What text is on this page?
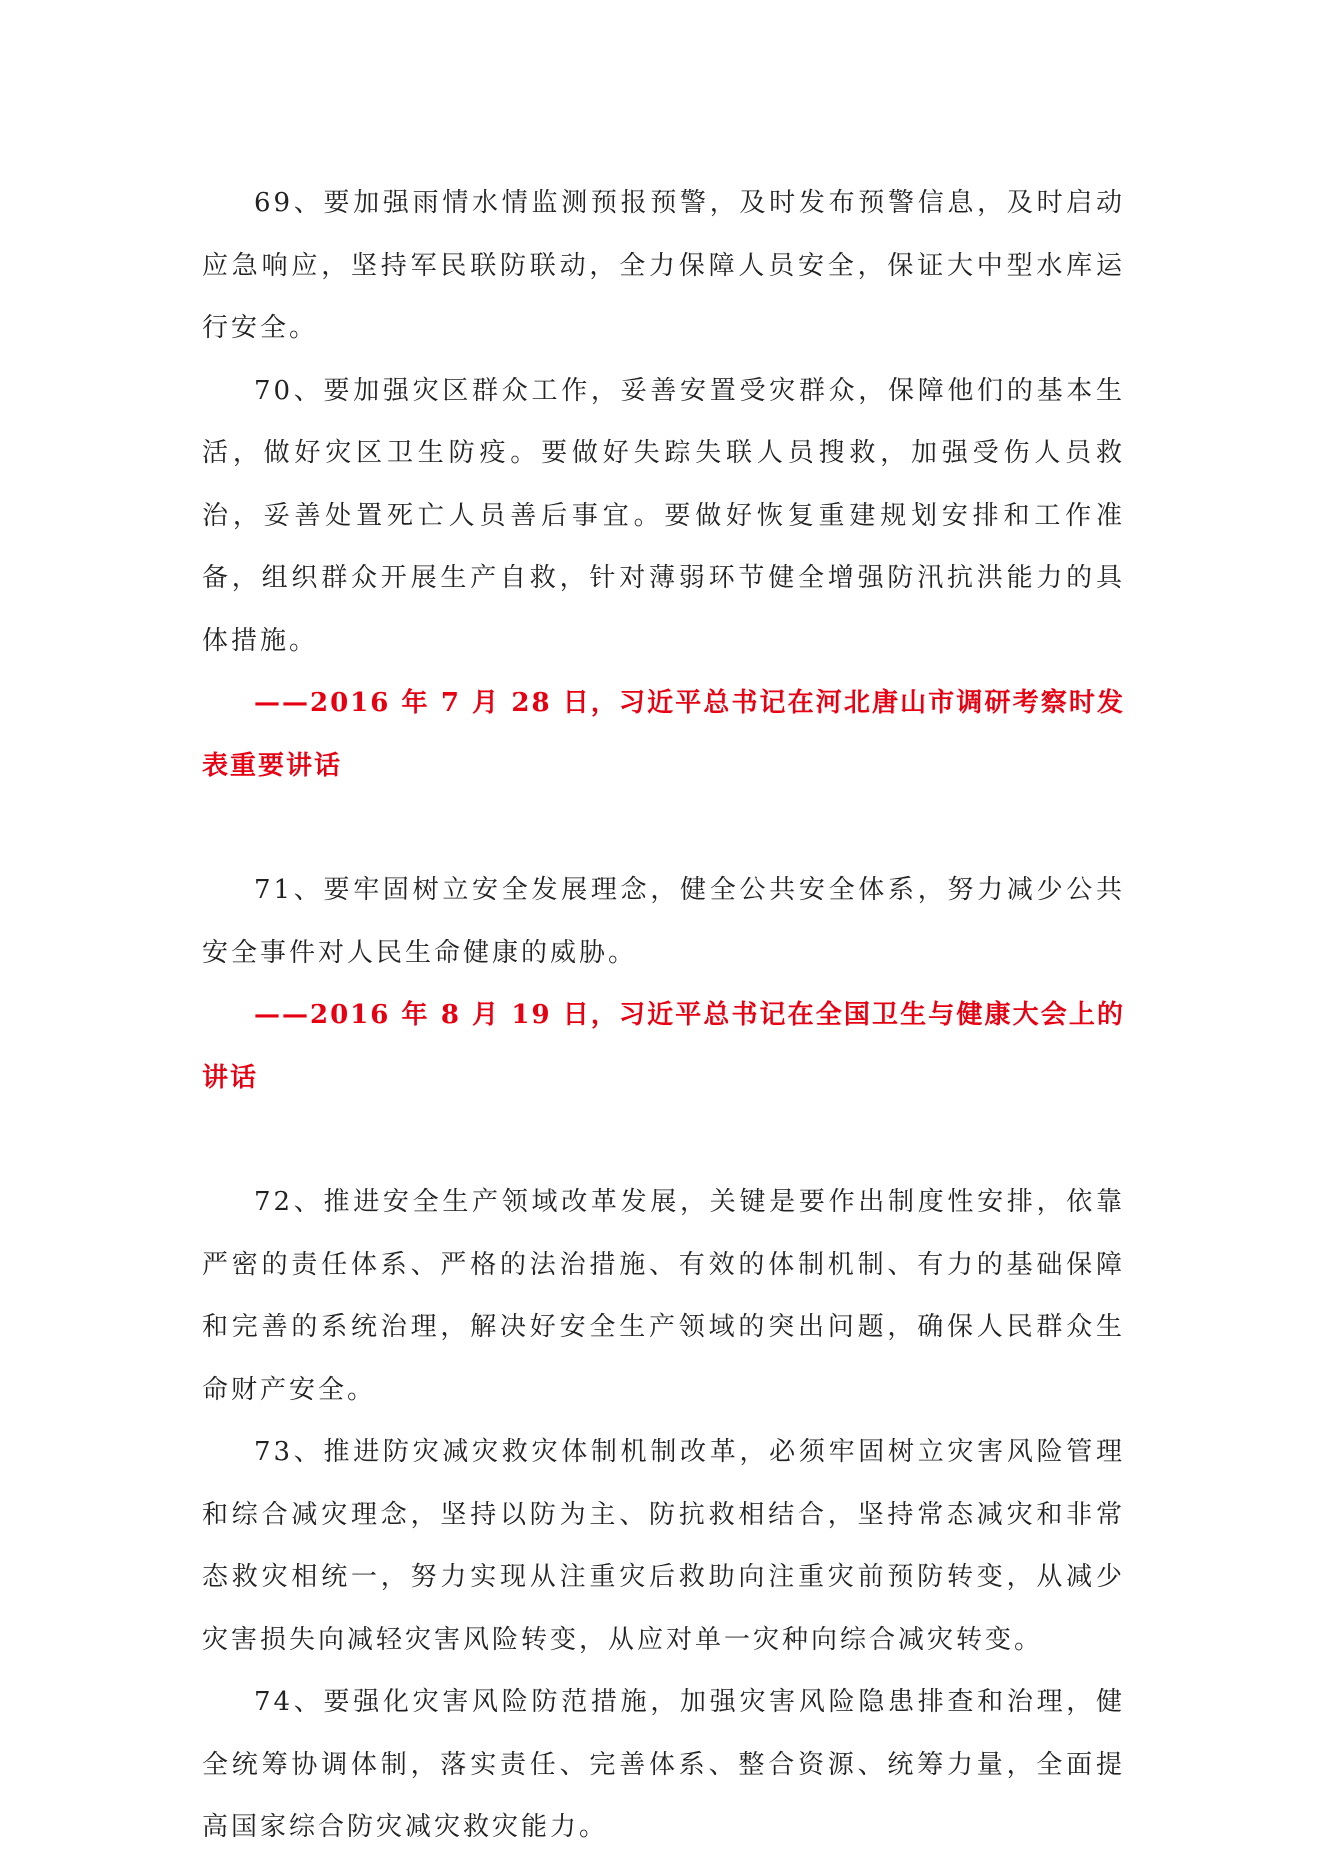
69、要加强雨情水情监测预报预警，及时发布预警信息，及时启动应急响应，坚持军民联防联动，全力保障人员安全，保证大中型水库运行安全。

70、要加强灾区群众工作，妥善安置受灾群众，保障他们的基本生活，做好灾区卫生防疫。要做好失踪失联人员搜救，加强受伤人员救治，妥善处置死亡人员善后事宜。要做好恢复重建规划安排和工作准备，组织群众开展生产自救，针对薄弱环节健全增强防汛抗洪能力的具体措施。

——2016 年 7 月 28 日，习近平总书记在河北唐山市调研考察时发表重要讲话

71、要牢固树立安全发展理念，健全公共安全体系，努力减少公共安全事件对人民生命健康的威胁。

——2016 年 8 月 19 日，习近平总书记在全国卫生与健康大会上的讲话

72、推进安全生产领域改革发展，关键是要作出制度性安排，依靠严密的责任体系、严格的法治措施、有效的体制机制、有力的基础保障和完善的系统治理，解决好安全生产领域的突出问题，确保人民群众生命财产安全。

73、推进防灾减灾救灾体制机制改革，必须牢固树立灾害风险管理和综合减灾理念，坚持以防为主、防抗救相结合，坚持常态减灾和非常态救灾相统一，努力实现从注重灾后救助向注重灾前预防转变，从减少灾害损失向减轻灾害风险转变，从应对单一灾种向综合减灾转变。

74、要强化灾害风险防范措施，加强灾害风险隐患排查和治理，健全统筹协调体制，落实责任、完善体系、整合资源、统筹力量，全面提高国家综合防灾减灾救灾能力。
